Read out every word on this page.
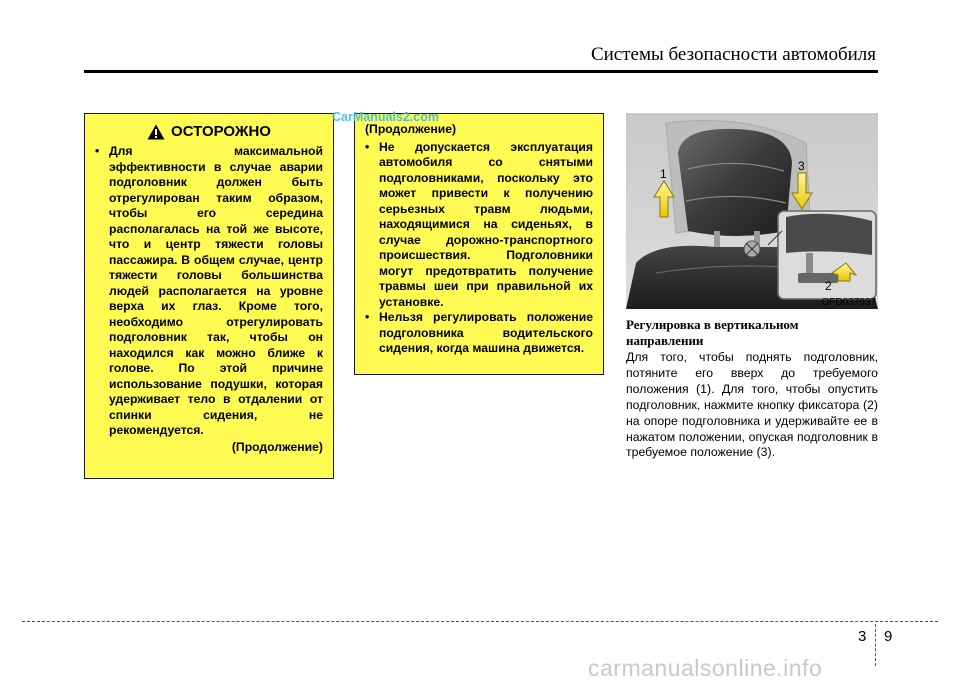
Системы безопасности автомобиля
ОСТОРОЖНО
• Для максимальной эффективности в случае аварии подголовник должен быть отрегулирован таким образом, чтобы его середина располагалась на той же высоте, что и центр тяжести головы пассажира. В общем случае, центр тяжести головы большинства людей располагается на уровне верха их глаз. Кроме того, необходимо отрегулировать подголовник так, чтобы он находился как можно ближе к голове. По этой причине использование подушки, которая удерживает тело в отдалении от спинки сидения, не рекомендуется.
(Продолжение)
(Продолжение)
• Не допускается эксплуатация автомобиля со снятыми подголовниками, поскольку это может привести к получению серьезных травм людьми, находящимися на сиденьях, в случае дорожно-транспортного происшествия. Подголовники могут предотвратить получение травмы шеи при правильной их установке.
• Нельзя регулировать положение подголовника водительского сидения, когда машина движется.
CarManuals2.com
1
3
2
OFD037037
Регулировка в вертикальном направлении
Для того, чтобы поднять подголовник, потяните его вверх до требуемого положения (1). Для того, чтобы опустить подголовник, нажмите кнопку фиксатора (2) на опоре подголовника и удерживайте ее в нажатом положении, опуская подголовник в требуемое положение (3).
3 9
carmanualsonline.info
